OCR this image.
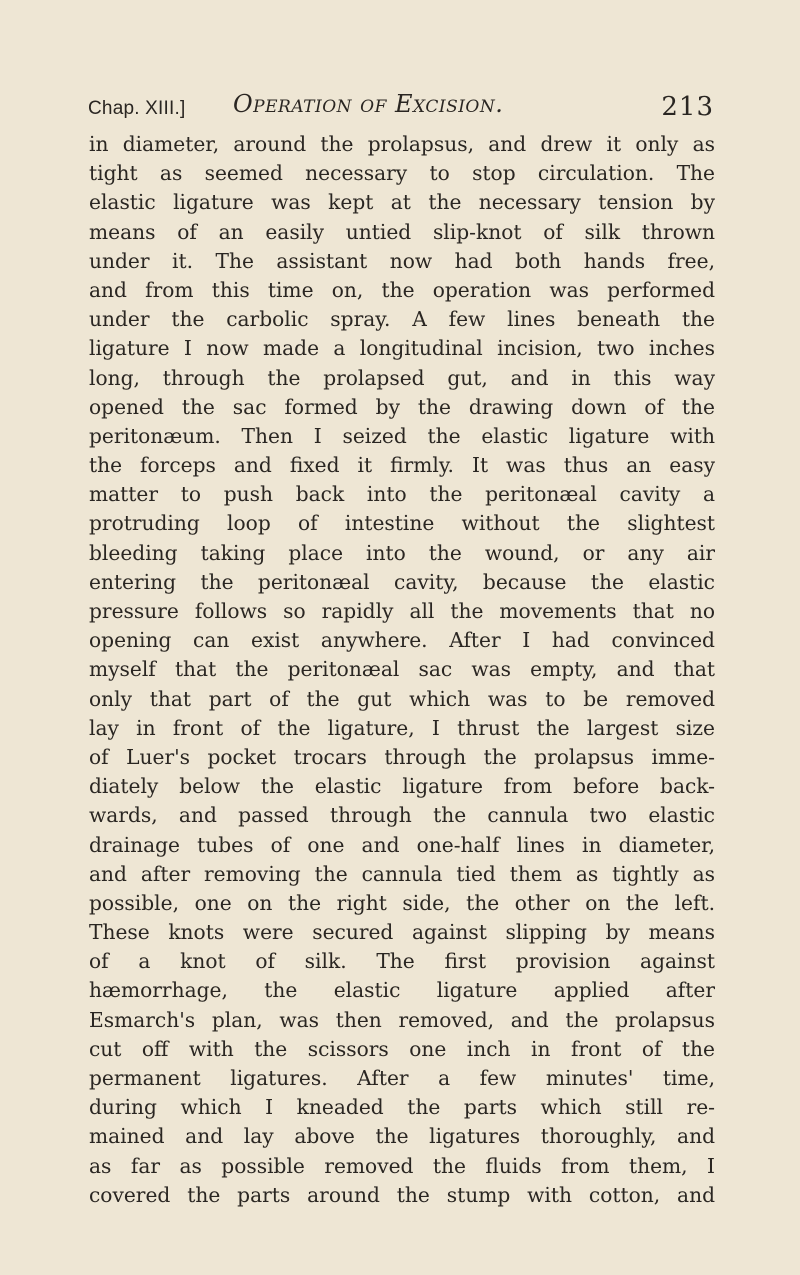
Chap. XIII.] Operation of Excision.	213
in diameter, around the prolapsus, and drew it only as
tight as seemed necessary to stop circulation. The
elastic ligature was kept at the necessary tension by
means of an easily untied slip-knot of silk thrown
under it. The assistant now had both hands free,
and from this time on, the operation was performed
under the carbolic spray. A few lines beneath the
ligature I now made a longitudinal incision, two inches
long, through the prolapsed gut, and in this way
opened the sac formed by the drawing down of the
peritonæum. Then I seized the elastic ligature with
the forceps and fixed it firmly. It was thus an easy
matter to push back into the peritonæal cavity a
protruding loop of intestine without the slightest
bleeding taking place into the wound, or any air
entering the peritonæal cavity, because the elastic
pressure follows so rapidly all the movements that no
opening can exist anywhere. After I had convinced
myself that the peritonæal sac was empty, and that
only that part of the gut which was to be removed
lay in front of the ligature, I thrust the largest size
of Luer's pocket trocars through the prolapsus imme-
diately below the elastic ligature from before back-
wards, and passed through the cannula two elastic
drainage tubes of one and one-half lines in diameter,
and after removing the cannula tied them as tightly as
possible, one on the right side, the other on the left.
These knots were secured against slipping by means
of a knot of silk. The first provision against
hæmorrhage, the elastic ligature applied after
Esmarch's plan, was then removed, and the prolapsus
cut off with the scissors one inch in front of the
permanent ligatures. After a few minutes' time,
during which I kneaded the parts which still re-
mained and lay above the ligatures thoroughly, and
as far as possible removed the fluids from them, I
covered the parts around the stump with cotton, and
